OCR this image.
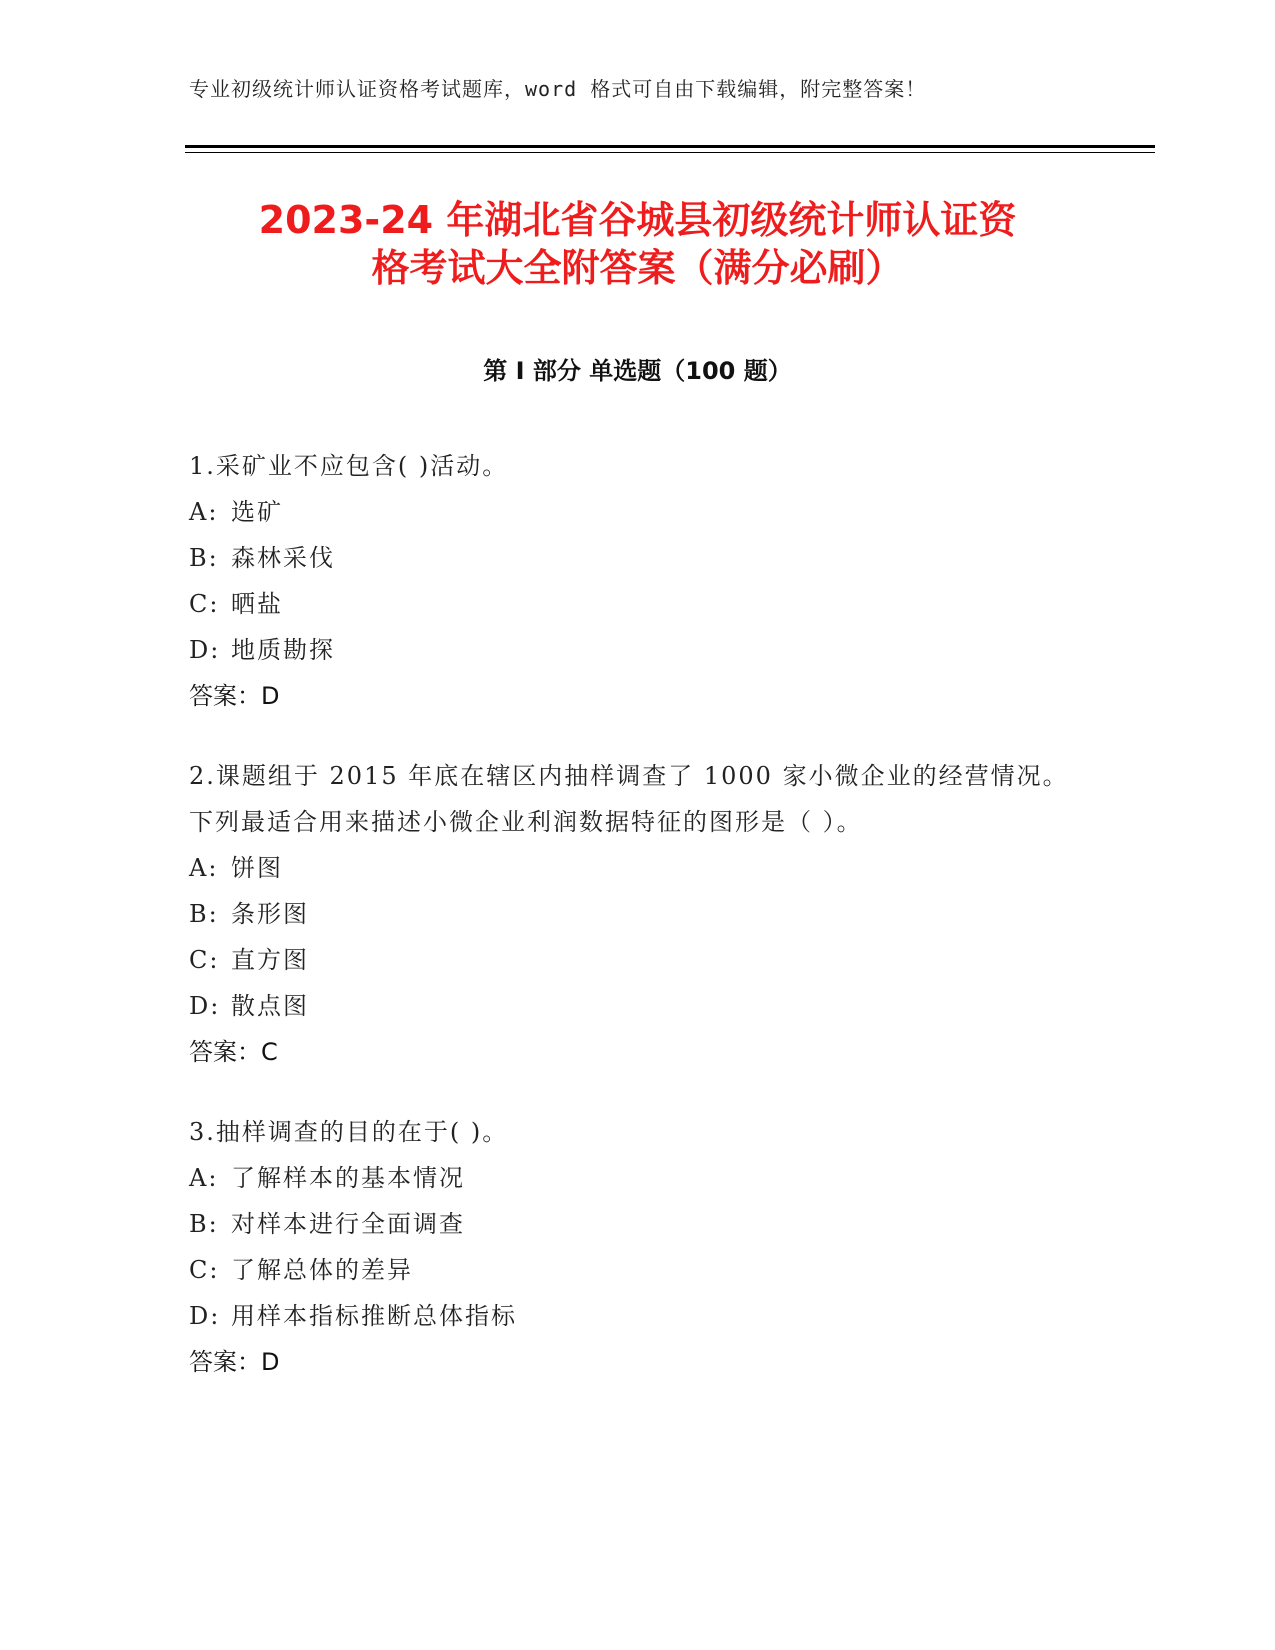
专业初级统计师认证资格考试题库，word 格式可自由下载编辑，附完整答案！
2023-24 年湖北省谷城县初级统计师认证资
格考试大全附答案（满分必刷）
第 I 部分 单选题（100 题）
1.采矿业不应包含( )活动。
A: 选矿
B: 森林采伐
C: 晒盐
D: 地质勘探
答案：D
2.课题组于 2015 年底在辖区内抽样调查了 1000 家小微企业的经营情况。下列最适合用来描述小微企业利润数据特征的图形是（ ）。
A: 饼图
B: 条形图
C: 直方图
D: 散点图
答案：C
3.抽样调查的目的在于( )。
A: 了解样本的基本情况
B: 对样本进行全面调查
C: 了解总体的差异
D: 用样本指标推断总体指标
答案：D
